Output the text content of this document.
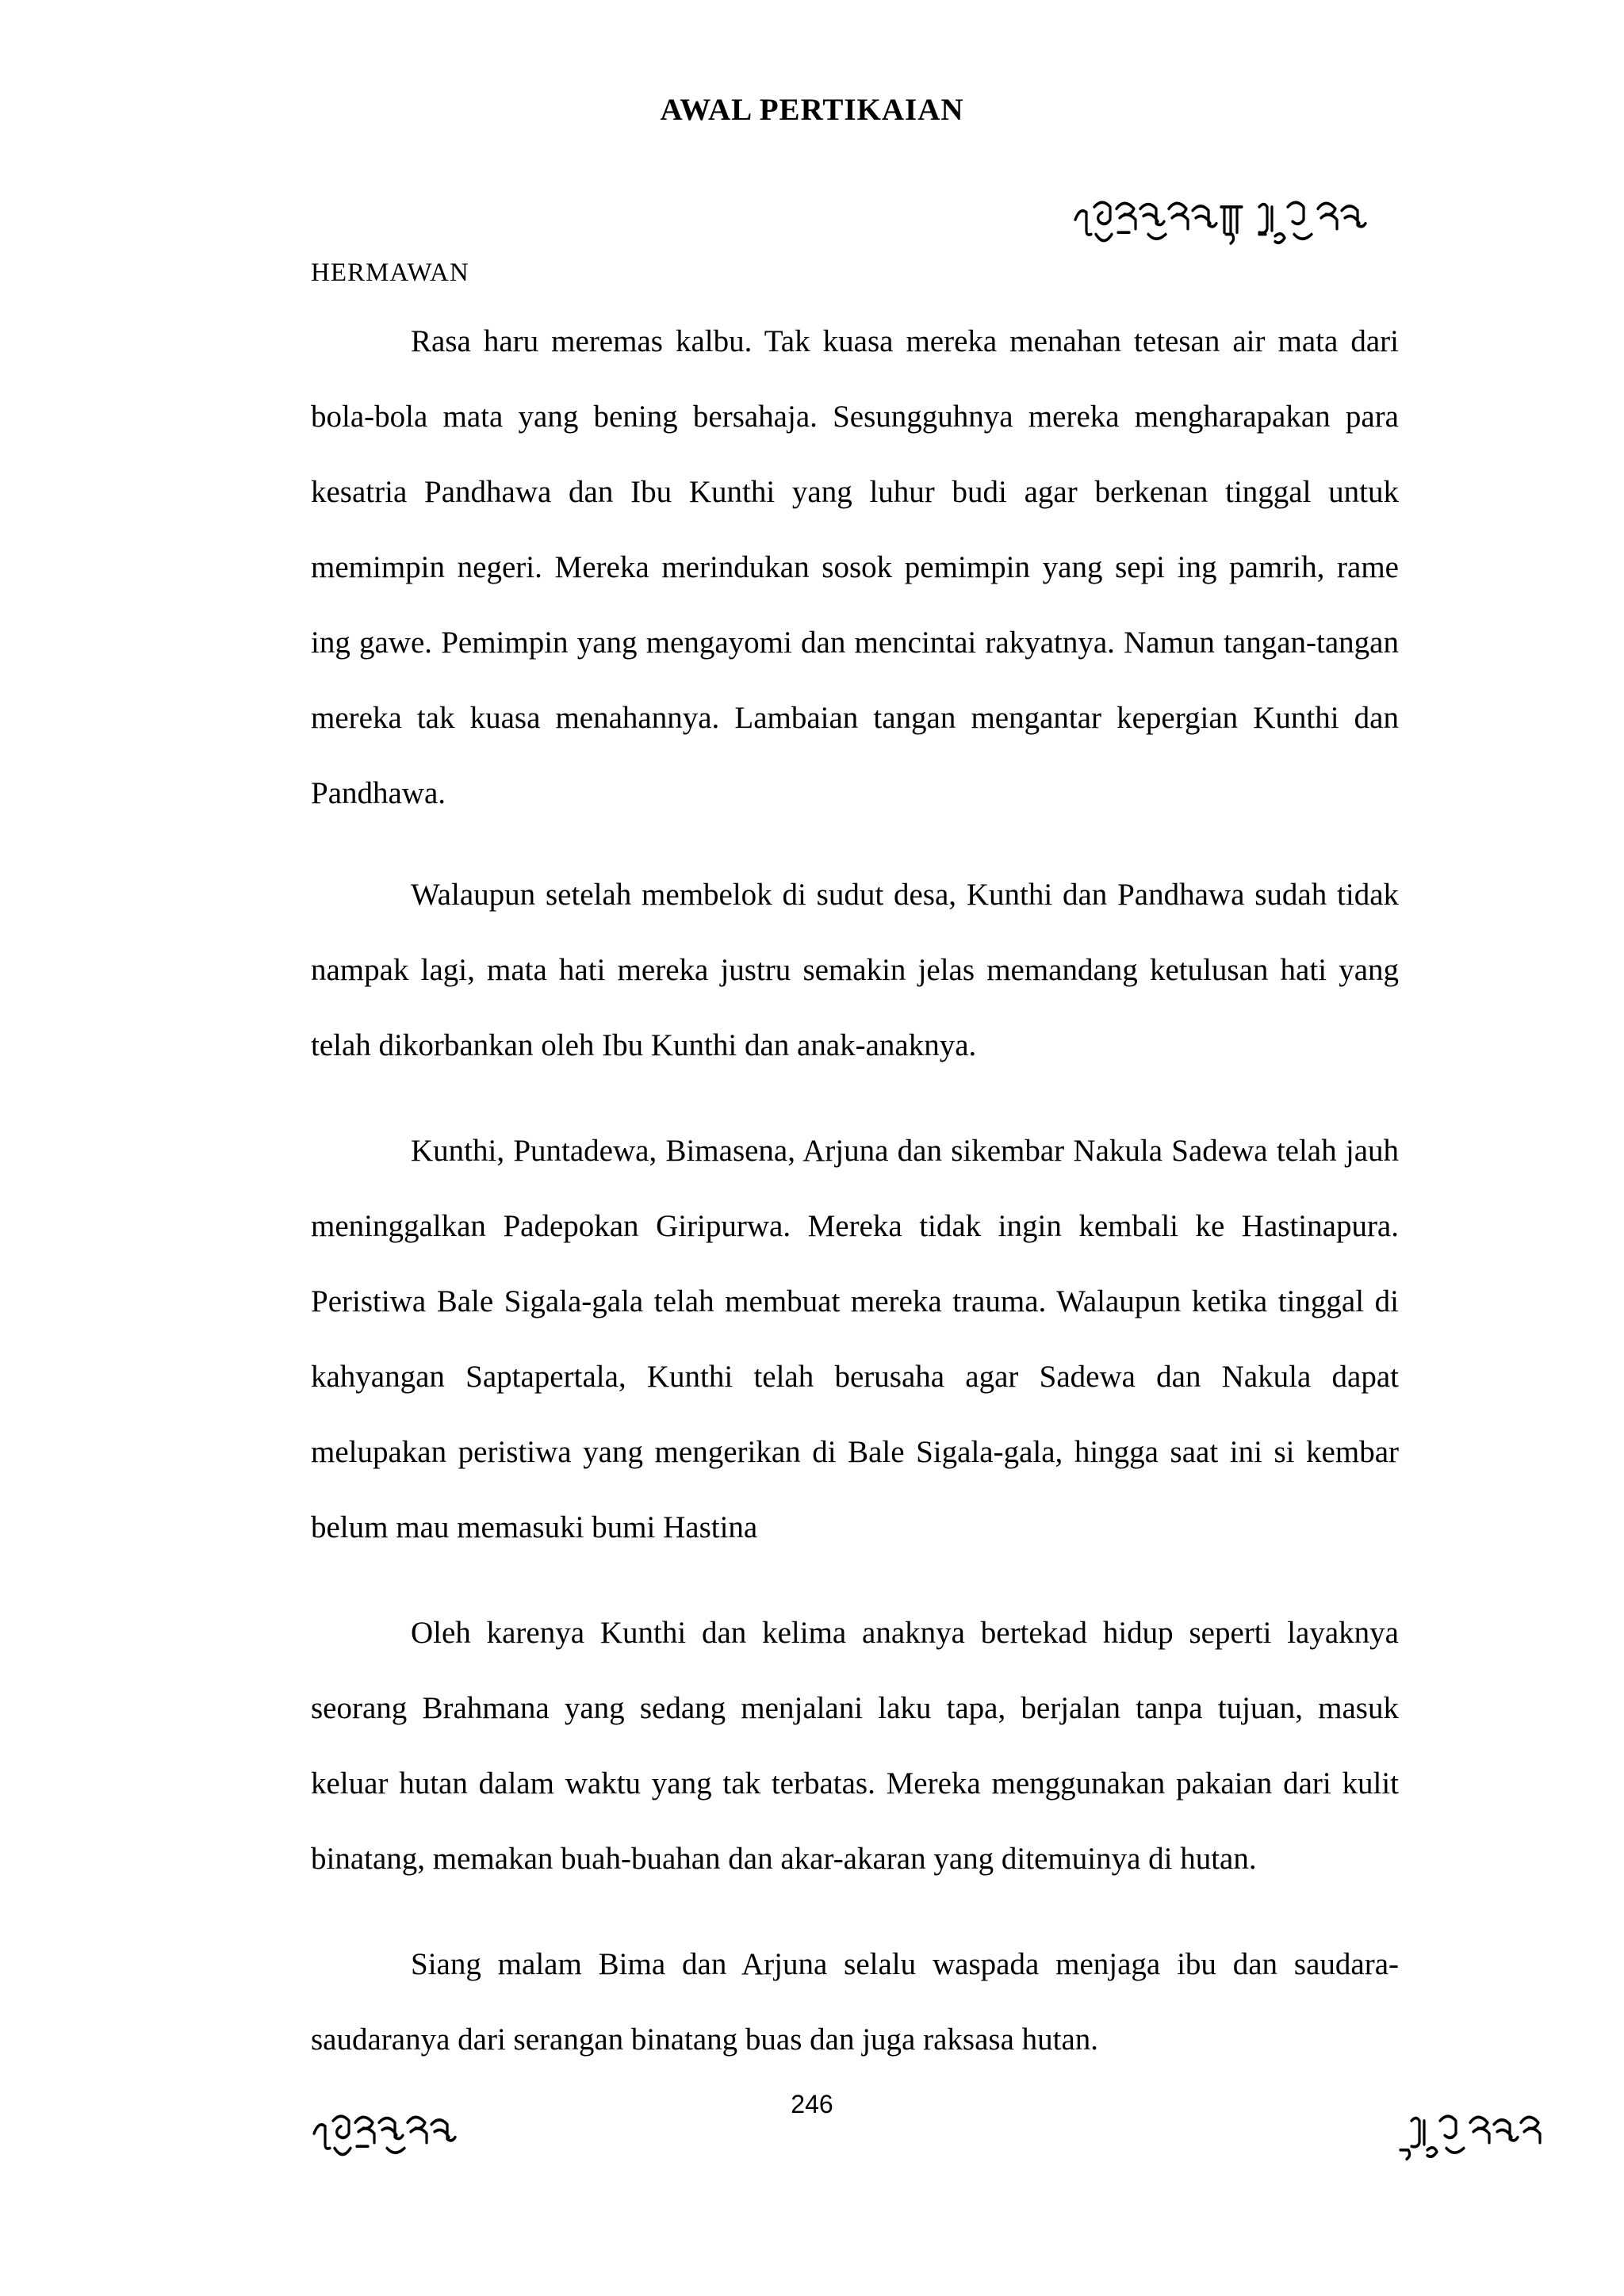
AWAL PERTIKAIAN

HERMAWAN

Rasa haru meremas kalbu. Tak kuasa mereka menahan tetesan air mata dari bola-bola mata yang bening bersahaja. Sesungguhnya mereka mengharapakan para kesatria Pandhawa dan Ibu Kunthi yang luhur budi agar berkenan tinggal untuk memimpin negeri. Mereka merindukan sosok pemimpin yang sepi ing pamrih, rame ing gawe. Pemimpin yang mengayomi dan mencintai rakyatnya. Namun tangan-tangan mereka tak kuasa menahannya. Lambaian tangan mengantar kepergian Kunthi dan Pandhawa.

Walaupun setelah membelok di sudut desa, Kunthi dan Pandhawa sudah tidak nampak lagi, mata hati mereka justru semakin jelas memandang ketulusan hati yang telah dikorbankan oleh Ibu Kunthi dan anak-anaknya.

Kunthi, Puntadewa, Bimasena, Arjuna dan sikembar Nakula Sadewa telah jauh meninggalkan Padepokan Giripurwa. Mereka tidak ingin kembali ke Hastinapura. Peristiwa Bale Sigala-gala telah membuat mereka trauma. Walaupun ketika tinggal di kahyangan Saptapertala, Kunthi telah berusaha agar Sadewa dan Nakula dapat melupakan peristiwa yang mengerikan di Bale Sigala-gala, hingga saat ini si kembar belum mau memasuki bumi Hastina

Oleh karenya Kunthi dan kelima anaknya bertekad hidup seperti layaknya seorang Brahmana yang sedang menjalani laku tapa, berjalan tanpa tujuan, masuk keluar hutan dalam waktu yang tak terbatas. Mereka menggunakan pakaian dari kulit binatang, memakan buah-buahan dan akar-akaran yang ditemuinya di hutan.

Siang malam Bima dan Arjuna selalu waspada menjaga ibu dan saudara-saudaranya dari serangan binatang buas dan juga raksasa hutan.

246
